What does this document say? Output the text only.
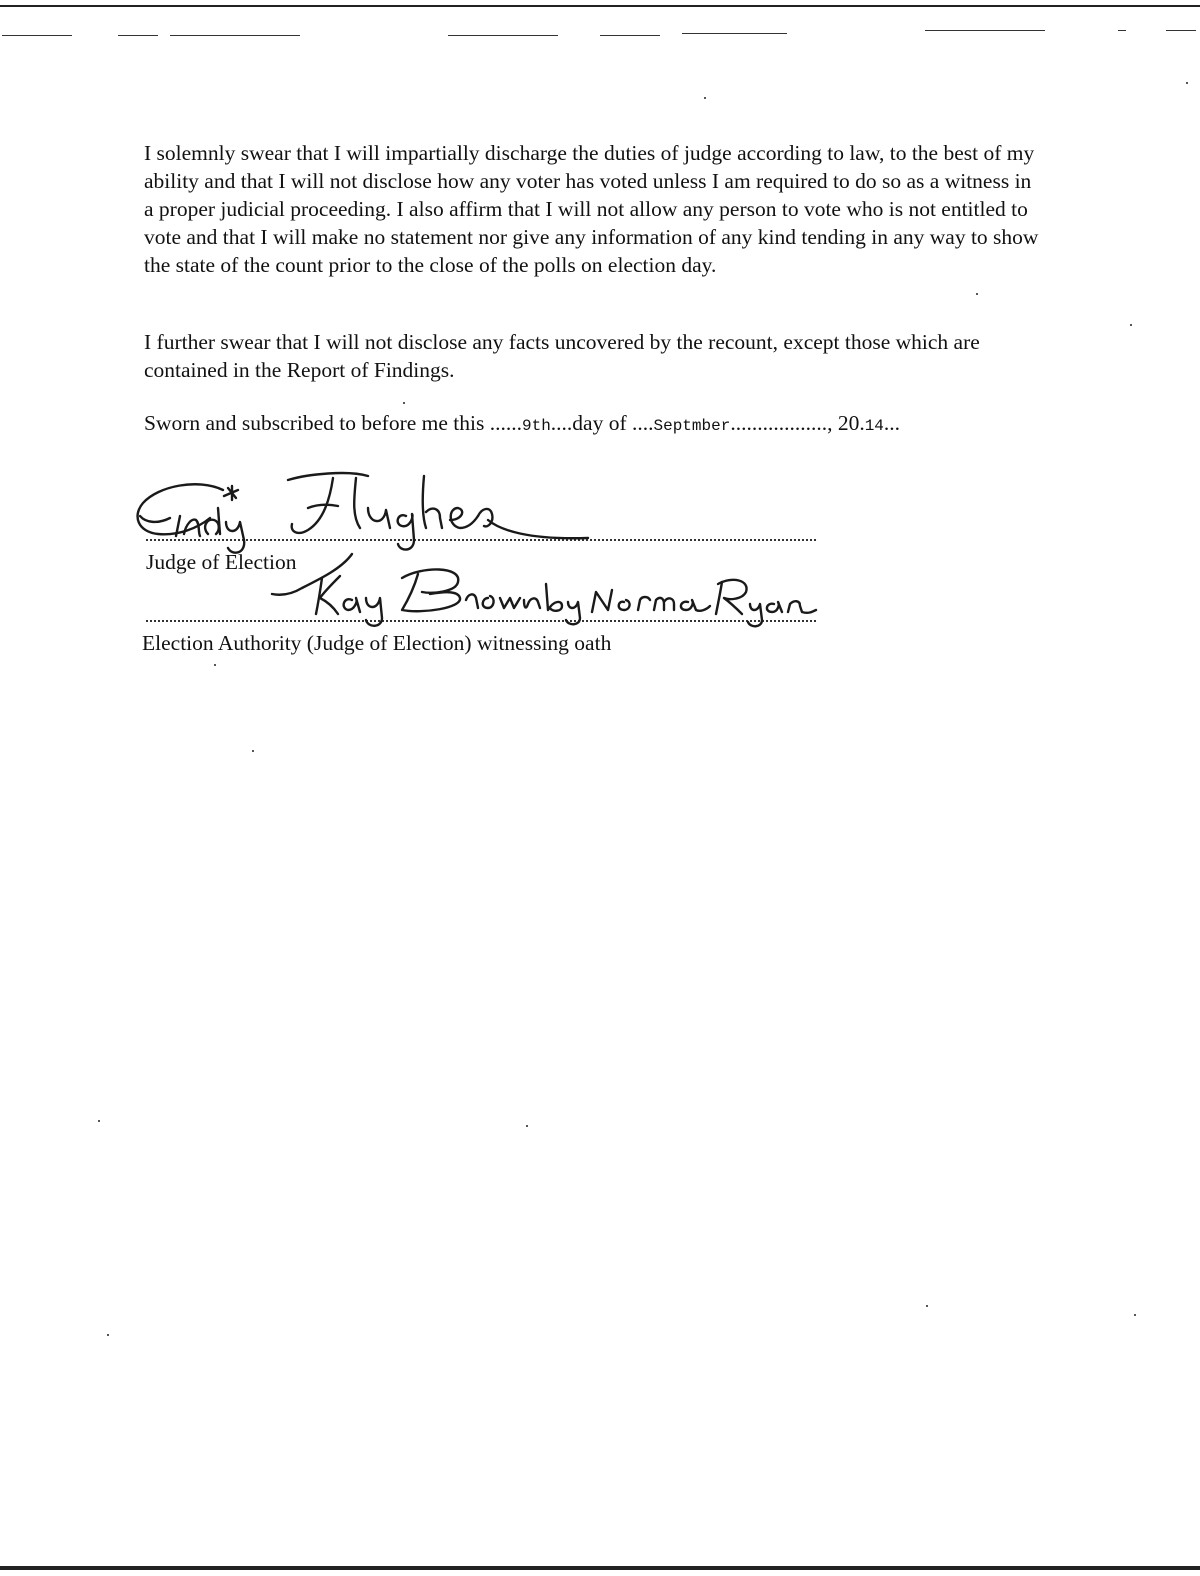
I solemnly swear that I will impartially discharge the duties of judge according to law, to the best of my ability and that I will not disclose how any voter has voted unless I am required to do so as a witness in a proper judicial proceeding. I also affirm that I will not allow any person to vote who is not entitled to vote and that I will make no statement nor give any information of any kind tending in any way to show the state of the count prior to the close of the polls on election day.

I further swear that I will not disclose any facts uncovered by the recount, except those which are contained in the Report of Findings.

Sworn and subscribed to before me this ......9th....day of ....Septmber.................., 20.14...
Judge of Election
Election Authority (Judge of Election) witnessing oath
